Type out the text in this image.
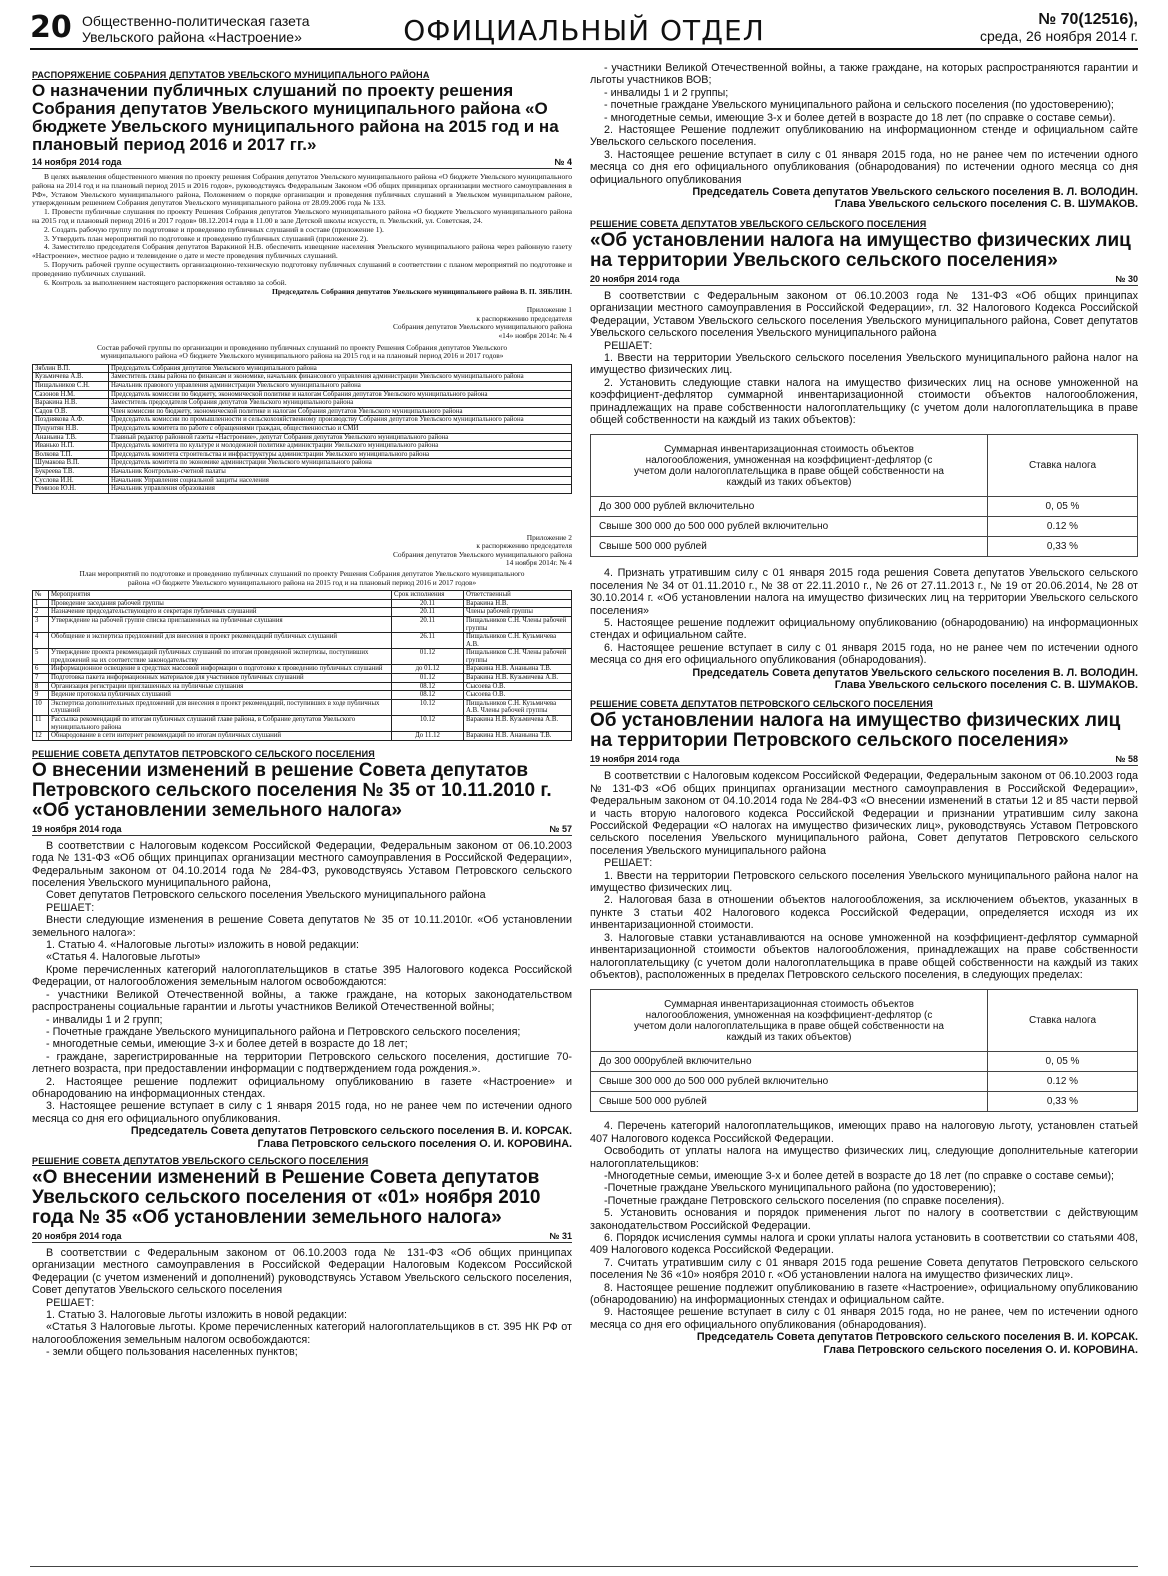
20 Общественно-политическая газета
Увельского района «Настроение»	ОФИЦИАЛЬНЫЙ ОТДЕЛ	№ 70(12516),
среда, 26 ноября 2014 г.
РАСПОРЯЖЕНИЕ СОБРАНИЯ ДЕПУТАТОВ УВЕЛЬСКОГО МУНИЦИПАЛЬНОГО РАЙОНА
О назначении публичных слушаний по проекту решения Собрания депутатов Увельского муниципального района «О бюджете Увельского муниципального района на 2015 год и на плановый период 2016 и 2017 гг.»
14 ноября 2014 года	№ 4
В целях выявления общественного мнения по проекту решения Собрания депутатов Увельского муниципального района «О бюджете Увельского муниципального района на 2014 год и на плановый период 2015 и 2016 годов», руководствуясь Федеральным Законом «Об общих принципах организации местного самоуправления в РФ», Уставом Увельского муниципального района, Положением о порядке организации и проведения публичных слушаний в Увельском муниципальном районе, утвержденным решением Собрания депутатов Увельского муниципального района от 28.09.2006 года № 133.
1. Провести публичные слушания по проекту Решения Собрания депутатов Увельского муниципального района «О бюджете Увельского муниципального района на 2015 год и плановый период 2016 и 2017 годов» 08.12.2014 года в 11.00 в зале Детской школы искусств, п. Увельский, ул. Советская, 24.
2. Создать рабочую группу по подготовке и проведению публичных слушаний в составе (приложение 1).
3. Утвердить план мероприятий по подготовке и проведению публичных слушаний (приложение 2).
4. Заместителю председателя Собрания депутатов Варакиной Н.В. обеспечить извещение населения Увельского муниципального района через районную газету «Настроение», местное радио и телевидение о дате и месте проведения публичных слушаний.
5. Поручить рабочей группе осуществить организационно-техническую подготовку публичных слушаний в соответствии с планом мероприятий по подготовке и проведению публичных слушаний.
6. Контроль за выполнением настоящего распоряжения оставляю за собой.
Председатель Собрания депутатов Увельского муниципального района В. П. ЗЯБЛИН.
Приложение 1
к распоряжению председателя
Собрания депутатов Увельского муниципального района
«14» ноября 2014г. № 4
Состав рабочей группы по организации и проведению публичных слушаний по проекту Решения Собрания депутатов Увельского муниципального района «О бюджете Увельского муниципального района на 2015 год и на плановый период 2016 и 2017 годов»
Зяблин В.П.	Председатель Собрания депутатов Увельского муниципального района
Кузьмичева А.В.	Заместитель главы района по финансам и экономике, начальник финансового управления администрации Увельского муниципального района
Пищальников С.Н.	Начальник правового управления администрации Увельского муниципального района
Сазонов Н.М.	Председатель комиссии по бюджету, экономической политике и налогам Собрания депутатов Увельского муниципального района
Варакина Н.В.	Заместитель председателя Собрания депутатов Увельского муниципального района
Садов О.В.	Член комиссии по бюджету, экономической политике и налогам Собрания депутатов Увельского муниципального района
Позднякова А.Ф.	Председатель комиссии по промышленности и сельскохозяйственному производству Собрания депутатов Увельского муниципального района
Пуцунтян Н.В.	Председатель комитета по работе с обращениями граждан, общественностью и СМИ
Ананьина Т.В.	Главный редактор районной газеты «Настроение», депутат Собрания депутатов Увельского муниципального района
Иванько Н.П.	Председатель комитета по культуре и молодежной политике администрации Увельского муниципального района
Волкова Т.П.	Председатель комитета строительства и инфраструктуры администрации Увельского муниципального района
Шумакова В.П.	Председатель комитета по экономике администрации Увельского муниципального района
Букреева Т.В.	Начальник Контрольно-счетной палаты
Суслова И.Н.	Начальник Управления социальной защиты населения
Ремизов Ю.Н.	Начальник управления образования
Приложение 2
к распоряжению председателя
Собрания депутатов Увельского муниципального района
14 ноября 2014г. № 4
План мероприятий по подготовке и проведению публичных слушаний по проекту Решения Собрания депутатов Увельского муниципального района «О бюджете Увельского муниципального района на 2015 год и на плановый период 2016 и 2017 годов»
№	Мероприятия	Срок исполнения	Ответственный
1	Проведение заседания рабочей группы	20.11	Варакина Н.В.
2	Назначение председательствующего и секретаря публичных слушаний	20.11	Члены рабочей группы
3	Утверждение на рабочей группе списка приглашенных на публичные слушания	20.11	Пищальников С.Н. Члены рабочей группы
4	Обобщение и экспертиза предложений для внесения в проект рекомендаций публичных слушаний	26.11	Пищальников С.Н. Кузьмичева А.В.
5	Утверждение проекта рекомендаций публичных слушаний по итогам проведенной экспертизы, поступивших предложений на их соответствие законодательству	01.12	Пищальников С.Н. Члены рабочей группы
6	Информационное освещение в средствах массовой информации о подготовке к проведению публичных слушаний	до 01.12	Варакина Н.В. Ананьина Т.В.
7	Подготовка пакета информационных материалов для участников публичных слушаний	01.12	Варакина Н.В. Кузьмичева А.В.
8	Организация регистрации приглашенных на публичные слушания	08.12	Сысоева О.В.
9	Ведение протокола публичных слушаний	08.12	Сысоева О.В.
10	Экспертиза дополнительных предложений для внесения в проект рекомендаций, поступивших в ходе публичных слушаний	10.12	Пищальников С.Н. Кузьмичева А.В. Члены рабочей группы
11	Рассылка рекомендаций по итогам публичных слушаний главе района, в Собрание депутатов Увельского муниципального района	10.12	Варакина Н.В. Кузьмичева А.В.
12	Обнародование в сети интернет рекомендаций по итогам публичных слушаний	До 11.12	Варакина Н.В. Ананьина Т.В.
РЕШЕНИЕ СОВЕТА ДЕПУТАТОВ ПЕТРОВСКОГО СЕЛЬСКОГО ПОСЕЛЕНИЯ
О внесении изменений в решение Совета депутатов Петровского сельского поселения № 35 от 10.11.2010 г. «Об установлении земельного налога»
19 ноября 2014 года	№ 57
В соответствии с Налоговым кодексом Российской Федерации, Федеральным законом от 06.10.2003 года № 131-ФЗ «Об общих принципах организации местного самоуправления в Российской Федерации», Федеральным законом от 04.10.2014 года № 284-ФЗ, руководствуясь Уставом Петровского сельского поселения Увельского муниципального района,
Совет депутатов Петровского сельского поселения Увельского муниципального района
РЕШАЕТ:
Внести следующие изменения в решение Совета депутатов № 35 от 10.11.2010г. «Об установлении земельного налога»:
1. Статью 4. «Налоговые льготы» изложить в новой редакции:
«Статья 4. Налоговые льготы»
Кроме перечисленных категорий налогоплательщиков в статье 395 Налогового кодекса Российской Федерации, от налогообложения земельным налогом освобождаются:
- участники Великой Отечественной войны, а также граждане, на которых законодательством распространены социальные гарантии и льготы участников Великой Отечественной войны;
- инвалиды 1 и 2 групп;
- Почетные граждане Увельского муниципального района и Петровского сельского поселения;
- многодетные семьи, имеющие 3-х и более детей в возрасте до 18 лет;
- граждане, зарегистрированные на территории Петровского сельского поселения, достигшие 70-летнего возраста, при предоставлении информации с подтверждением года рождения.».
2. Настоящее решение подлежит официальному опубликованию в газете «Настроение» и обнародованию на информационных стендах.
3. Настоящее решение вступает в силу с 1 января 2015 года, но не ранее чем по истечении одного месяца со дня его официального опубликования.
Председатель Совета депутатов Петровского сельского поселения В. И. КОРСАК.
Глава Петровского сельского поселения О. И. КОРОВИНА.
РЕШЕНИЕ СОВЕТА ДЕПУТАТОВ УВЕЛЬСКОГО СЕЛЬСКОГО ПОСЕЛЕНИЯ
«О внесении изменений в Решение Совета депутатов Увельского сельского поселения от «01» ноября 2010 года № 35 «Об установлении земельного налога»
20 ноября 2014 года	№ 31
В соответствии с Федеральным законом от 06.10.2003 года № 131-ФЗ «Об общих принципах организации местного самоуправления в Российской Федерации Налоговым Кодексом Российской Федерации (с учетом изменений и дополнений) руководствуясь Уставом Увельского сельского поселения, Совет депутатов Увельского сельского поселения
РЕШАЕТ:
1. Статью 3. Налоговые льготы изложить в новой редакции:
«Статья 3 Налоговые льготы. Кроме перечисленных категорий налогоплательщиков в ст. 395 НК РФ от налогообложения земельным налогом освобождаются:
- земли общего пользования населенных пунктов;
- участники Великой Отечественной войны, а также граждане, на которых распространяются гарантии и льготы участников ВОВ;
- инвалиды 1 и 2 группы;
- почетные граждане Увельского муниципального района и сельского поселения (по удостоверению);
- многодетные семьи, имеющие 3-х и более детей в возрасте до 18 лет (по справке о составе семьи).
2. Настоящее Решение подлежит опубликованию на информационном стенде и официальном сайте Увельского сельского поселения.
3. Настоящее решение вступает в силу с 01 января 2015 года, но не ранее чем по истечении одного месяца со дня его официального опубликования (обнародования) по истечении одного месяца со дня официального опубликования
Председатель Совета депутатов Увельского сельского поселения В. Л. ВОЛОДИН.
Глава Увельского сельского поселения С. В. ШУМАКОВ.
РЕШЕНИЕ СОВЕТА ДЕПУТАТОВ УВЕЛЬСКОГО СЕЛЬСКОГО ПОСЕЛЕНИЯ
«Об установлении налога на имущество физических лиц на территории Увельского сельского поселения»
20 ноября 2014 года	№ 30
В соответствии с Федеральным законом от 06.10.2003 года № 131-ФЗ «Об общих принципах организации местного самоуправления в Российской Федерации», гл. 32 Налогового Кодекса Российской Федерации, Уставом Увельского сельского поселения Увельского муниципального района, Совет депутатов Увельского сельского поселения Увельского муниципального района
РЕШАЕТ:
1. Ввести на территории Увельского сельского поселения Увельского муниципального района налог на имущество физических лиц.
2. Установить следующие ставки налога на имущество физических лиц на основе умноженной на коэффициент-дефлятор суммарной инвентаризационной стоимости объектов налогообложения, принадлежащих на праве собственности налогоплательщику (с учетом доли налогоплательщика в праве общей собственности на каждый из таких объектов):
Суммарная инвентаризационная стоимость объектов налогообложения, умноженная на коэффициент-дефлятор (с учетом доли налогоплательщика в праве общей собственности на каждый из таких объектов)	Ставка налога
До 300 000 рублей включительно	0, 05 %
Свыше 300 000 до 500 000 рублей включительно	0.12 %
Свыше 500 000 рублей	0,33 %
4. Признать утратившим силу с 01 января 2015 года решения Совета депутатов Увельского сельского поселения № 34 от 01.11.2010 г., № 38 от 22.11.2010 г., № 26 от 27.11.2013 г., № 19 от 20.06.2014, № 28 от 30.10.2014 г. «Об установлении налога на имущество физических лиц на территории Увельского сельского поселения»
5. Настоящее решение подлежит официальному опубликованию (обнародованию) на информационных стендах и официальном сайте.
6. Настоящее решение вступает в силу с 01 января 2015 года, но не ранее чем по истечении одного месяца со дня его официального опубликования (обнародования).
Председатель Совета депутатов Увельского сельского поселения В. Л. ВОЛОДИН.
Глава Увельского сельского поселения С. В. ШУМАКОВ.
РЕШЕНИЕ СОВЕТА ДЕПУТАТОВ ПЕТРОВСКОГО СЕЛЬСКОГО ПОСЕЛЕНИЯ
Об установлении налога на имущество физических лиц на территории Петровского сельского поселения»
19 ноября 2014 года	№ 58
В соответствии с Налоговым кодексом Российской Федерации, Федеральным законом от 06.10.2003 года № 131-ФЗ «Об общих принципах организации местного самоуправления в Российской Федерации», Федеральным законом от 04.10.2014 года № 284-ФЗ «О внесении изменений в статьи 12 и 85 части первой и часть вторую налогового кодекса Российской Федерации и признании утратившим силу закона Российской Федерации «О налогах на имущество физических лиц», руководствуясь Уставом Петровского сельского поселения Увельского муниципального района, Совет депутатов Петровского сельского поселения Увельского муниципального района
РЕШАЕТ:
1. Ввести на территории Петровского сельского поселения Увельского муниципального района налог на имущество физических лиц.
2. Налоговая база в отношении объектов налогообложения, за исключением объектов, указанных в пункте 3 статьи 402 Налогового кодекса Российской Федерации, определяется исходя из их инвентаризационной стоимости.
3. Налоговые ставки устанавливаются на основе умноженной на коэффициент-дефлятор суммарной инвентаризационной стоимости объектов налогообложения, принадлежащих на праве собственности налогоплательщику (с учетом доли налогоплательщика в праве общей собственности на каждый из таких объектов), расположенных в пределах Петровского сельского поселения, в следующих пределах:
Суммарная инвентаризационная стоимость объектов налогообложения, умноженная на коэффициент-дефлятор (с учетом доли налогоплательщика в праве общей собственности на каждый из таких объектов)	Ставка налога
До 300 000рублей включительно	0, 05 %
Свыше 300 000 до 500 000 рублей включительно	0.12 %
Свыше 500 000 рублей	0,33 %
4. Перечень категорий налогоплательщиков, имеющих право на налоговую льготу, установлен статьей 407 Налогового кодекса Российской Федерации.
Освободить от уплаты налога на имущество физических лиц, следующие дополнительные категории налогоплательщиков:
-Многодетные семьи, имеющие 3-х и более детей в возрасте до 18 лет (по справке о составе семьи);
-Почетные граждане Увельского муниципального района (по удостоверению);
-Почетные граждане Петровского сельского поселения (по справке поселения).
5. Установить основания и порядок применения льгот по налогу в соответствии с действующим законодательством Российской Федерации.
6. Порядок исчисления суммы налога и сроки уплаты налога установить в соответствии со статьями 408, 409 Налогового кодекса Российской Федерации.
7. Считать утратившим силу с 01 января 2015 года решение Совета депутатов Петровского сельского поселения № 36 «10» ноября 2010 г. «Об установлении налога на имущество физических лиц».
8. Настоящее решение подлежит опубликованию в газете «Настроение», официальному опубликованию (обнародованию) на информационных стендах и официальном сайте.
9. Настоящее решение вступает в силу с 01 января 2015 года, но не ранее, чем по истечении одного месяца со дня его официального опубликования (обнародования).
Председатель Совета депутатов Петровского сельского поселения В. И. КОРСАК.
Глава Петровского сельского поселения О. И. КОРОВИНА.
